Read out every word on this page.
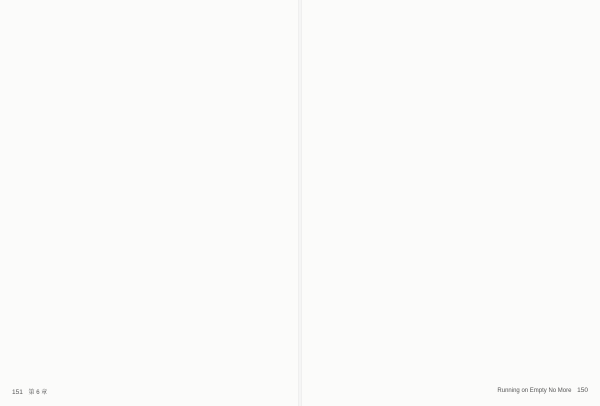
151 第 6 章	Running on Empty No More 150
